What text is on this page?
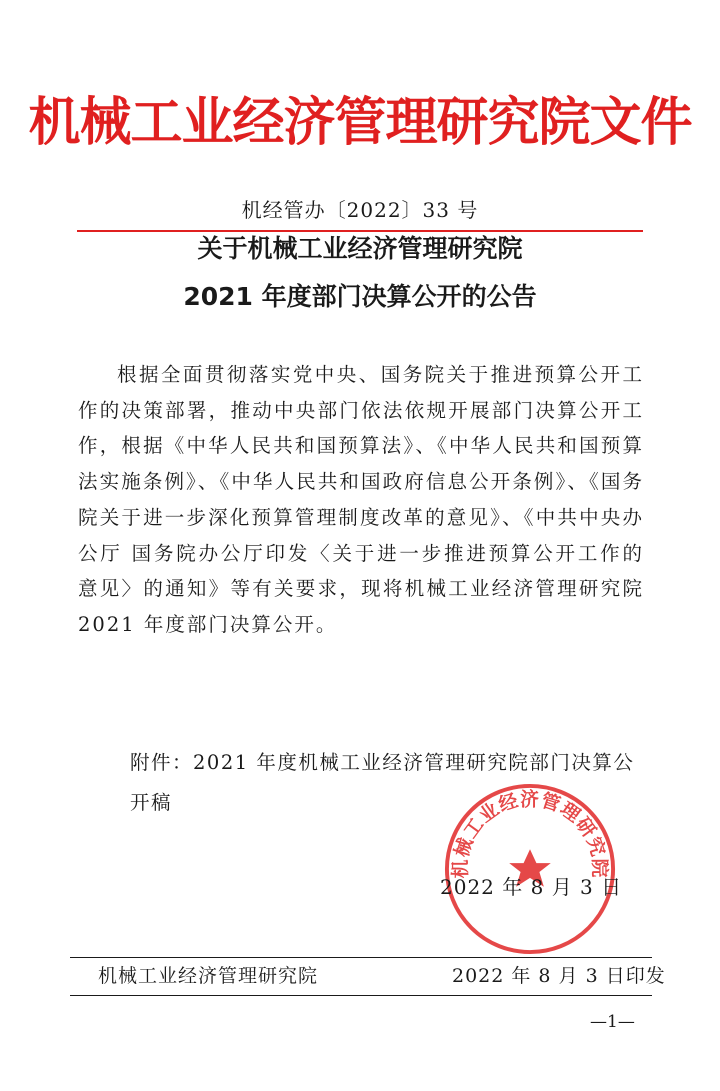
机械工业经济管理研究院文件
机经管办〔2022〕33 号
关于机械工业经济管理研究院
2021 年度部门决算公开的公告
根据全面贯彻落实党中央、国务院关于推进预算公开工作的决策部署，推动中央部门依法依规开展部门决算公开工作，根据《中华人民共和国预算法》、《中华人民共和国预算法实施条例》、《中华人民共和国政府信息公开条例》、《国务院关于进一步深化预算管理制度改革的意见》、《中共中央办公厅 国务院办公厅印发〈关于进一步推进预算公开工作的意见〉的通知》等有关要求，现将机械工业经济管理研究院2021 年度部门决算公开。
附件：2021 年度机械工业经济管理研究院部门决算公开稿
机械工业经济管理研究院
2022 年 8 月 3 日
机械工业经济管理研究院	2022 年 8 月 3 日印发
—1—
